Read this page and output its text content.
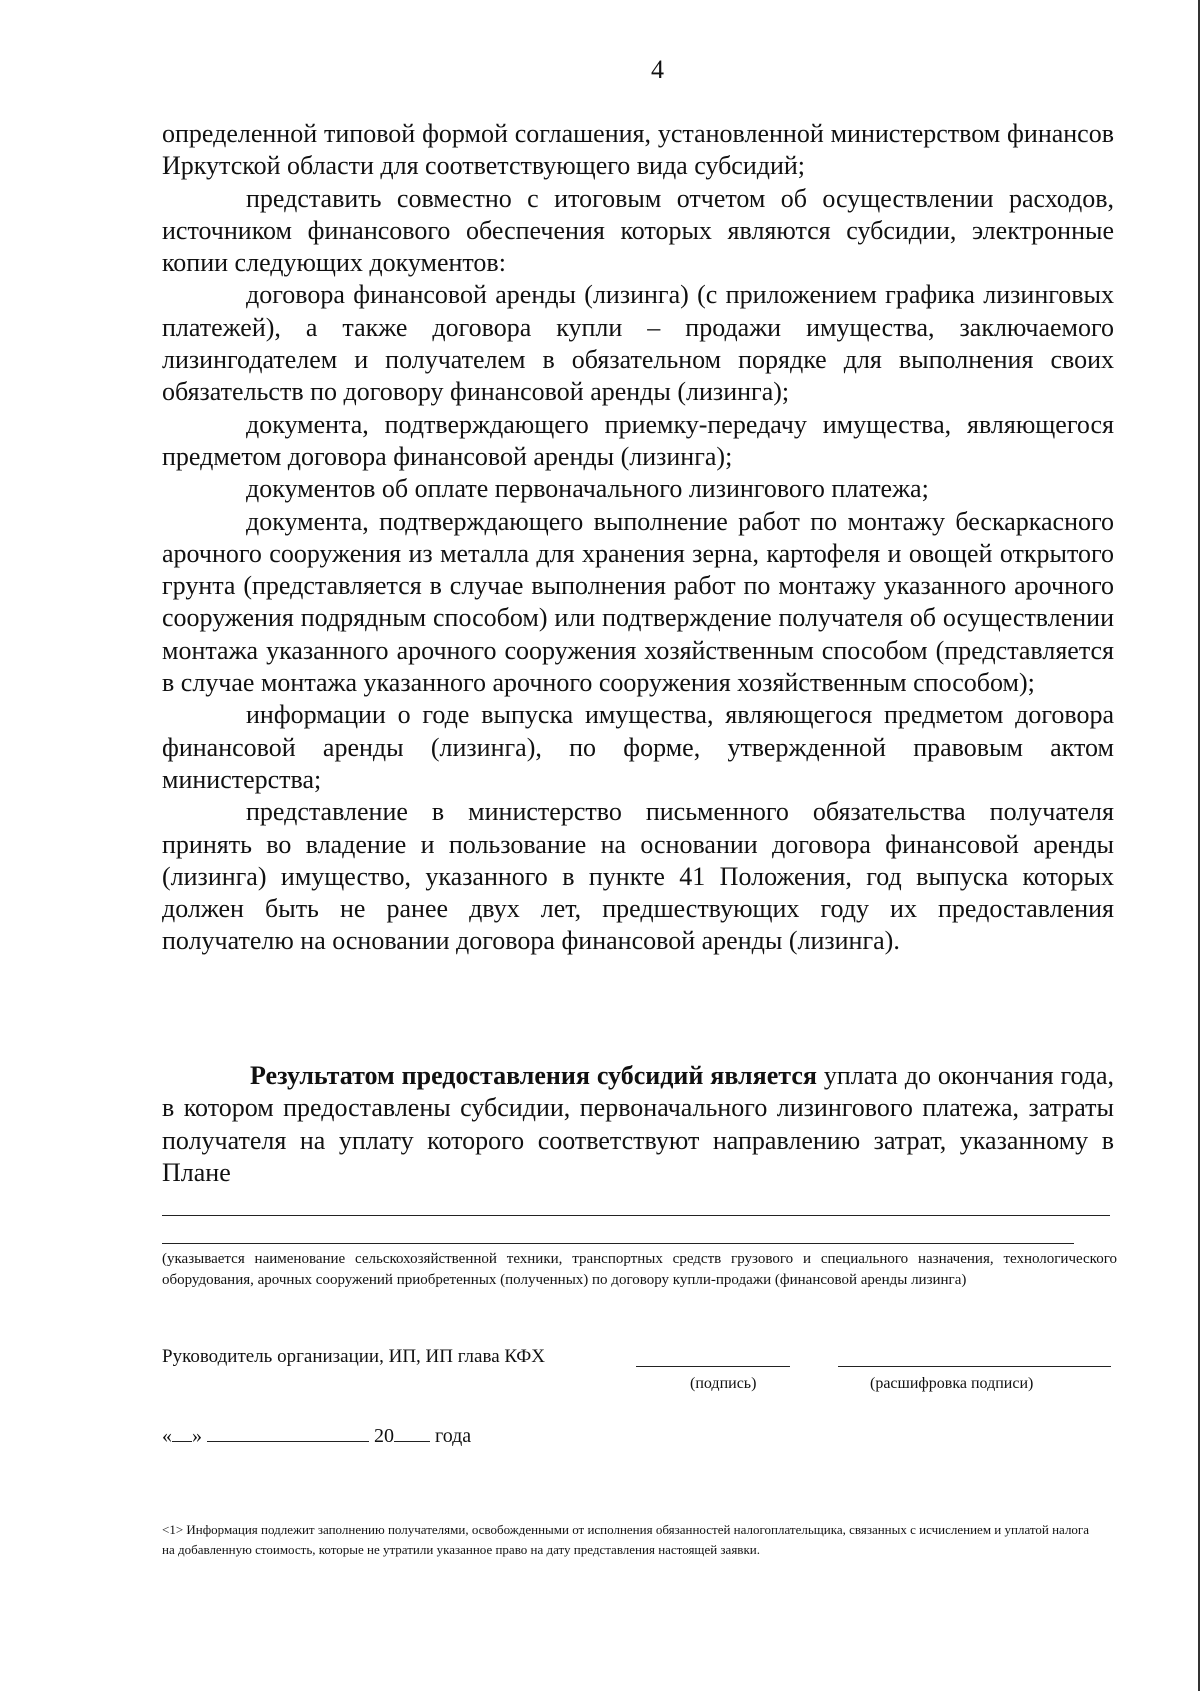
4

определенной типовой формой соглашения, установленной министерством финансов Иркутской области для соответствующего вида субсидий;

представить совместно с итоговым отчетом об осуществлении расходов, источником финансового обеспечения которых являются субсидии, электронные копии следующих документов:

договора финансовой аренды (лизинга) (с приложением графика лизинговых платежей), а также договора купли – продажи имущества, заключаемого лизингодателем и получателем в обязательном порядке для выполнения своих обязательств по договору финансовой аренды (лизинга);

документа, подтверждающего приемку-передачу имущества, являющегося предметом договора финансовой аренды (лизинга);

документов об оплате первоначального лизингового платежа;

документа, подтверждающего выполнение работ по монтажу бескаркасного арочного сооружения из металла для хранения зерна, картофеля и овощей открытого грунта (представляется в случае выполнения работ по монтажу указанного арочного сооружения подрядным способом) или подтверждение получателя об осуществлении монтажа указанного арочного сооружения хозяйственным способом (представляется в случае монтажа указанного арочного сооружения хозяйственным способом);

информации о годе выпуска имущества, являющегося предметом договора финансовой аренды (лизинга), по форме, утвержденной правовым актом министерства;

представление в министерство письменного обязательства получателя принять во владение и пользование на основании договора финансовой аренды (лизинга) имущество, указанного в пункте 41 Положения, год выпуска которых должен быть не ранее двух лет, предшествующих году их предоставления получателю на основании договора финансовой аренды (лизинга).

Результатом предоставления субсидий является уплата до окончания года, в котором предоставлены субсидии, первоначального лизингового платежа, затраты получателя на уплату которого соответствуют направлению затрат, указанному в Плане
(указывается наименование сельскохозяйственной техники, транспортных средств грузового и специального назначения, технологического оборудования, арочных сооружений приобретенных (полученных) по договору купли-продажи (финансовой аренды лизинга)
Руководитель организации, ИП, ИП глава КФХ
(подпись)	(расшифровка подписи)
« »	20 года
<1> Информация подлежит заполнению получателями, освобожденными от исполнения обязанностей налогоплательщика, связанных с исчислением и уплатой налога на добавленную стоимость, которые не утратили указанное право на дату представления настоящей заявки.
